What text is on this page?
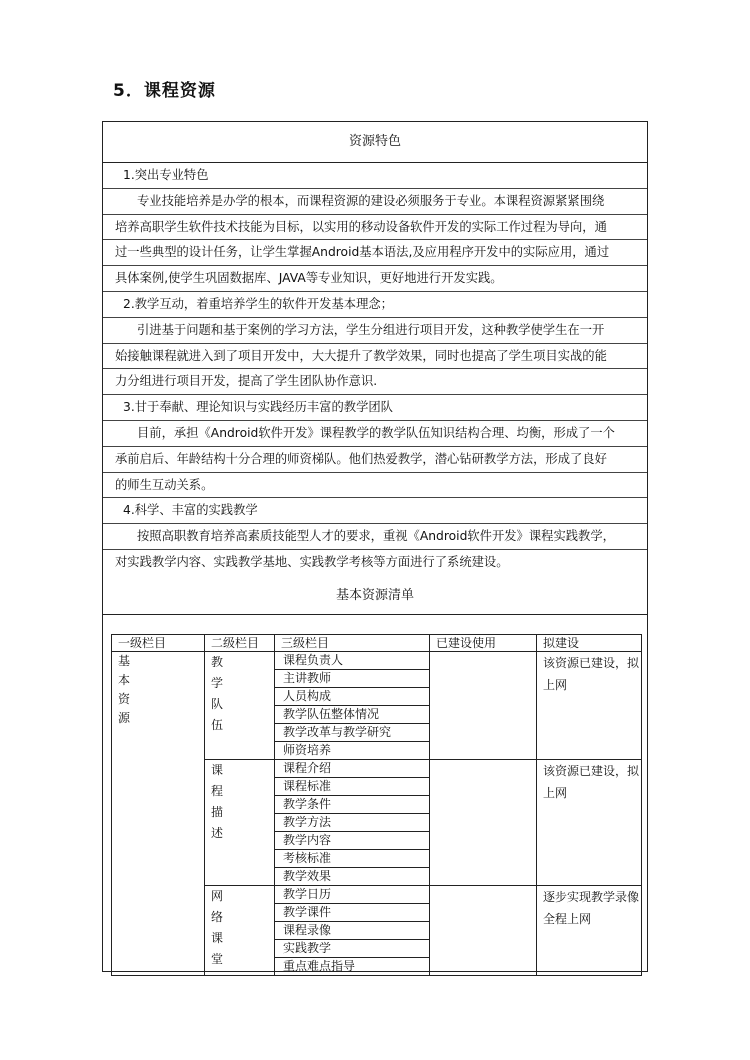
5．课程资源
资源特色
基本资源清单
一级栏目	二级栏目	三级栏目	已建设使用	拟建设

基本资源	教学队伍	课程负责人		该资源已建设，拟上网
		主讲教师		
		人员构成		
		教学队伍整体情况		
		教学改革与教学研究		
		师资培养		

	课程描述	课程介绍		该资源已建设，拟上网
		课程标准		
		教学条件		
		教学方法		
		教学内容		
		考核标准		
		教学效果		

	网络课堂	教学日历		逐步实现教学录像全程上网
		教学课件		
		课程录像		
		实践教学		
		重点难点指导		
1.突出专业特色
专业技能培养是办学的根本，而课程资源的建设必须服务于专业。本课程资源紧紧围绕
培养高职学生软件技术技能为目标，以实用的移动设备软件开发的实际工作过程为导向，通
过一些典型的设计任务，让学生掌握Android基本语法,及应用程序开发中的实际应用，通过
具体案例,使学生巩固数据库、JAVA等专业知识，更好地进行开发实践。
2.教学互动，着重培养学生的软件开发基本理念；
引进基于问题和基于案例的学习方法，学生分组进行项目开发，这种教学使学生在一开
始接触课程就进入到了项目开发中，大大提升了教学效果，同时也提高了学生项目实战的能
力分组进行项目开发，提高了学生团队协作意识.
3.甘于奉献、理论知识与实践经历丰富的教学团队
目前，承担《Android软件开发》课程教学的教学队伍知识结构合理、均衡，形成了一个
承前启后、年龄结构十分合理的师资梯队。他们热爱教学，潜心钻研教学方法，形成了良好
的师生互动关系。
4.科学、丰富的实践教学
按照高职教育培养高素质技能型人才的要求，重视《Android软件开发》课程实践教学，
对实践教学内容、实践教学基地、实践教学考核等方面进行了系统建设。
